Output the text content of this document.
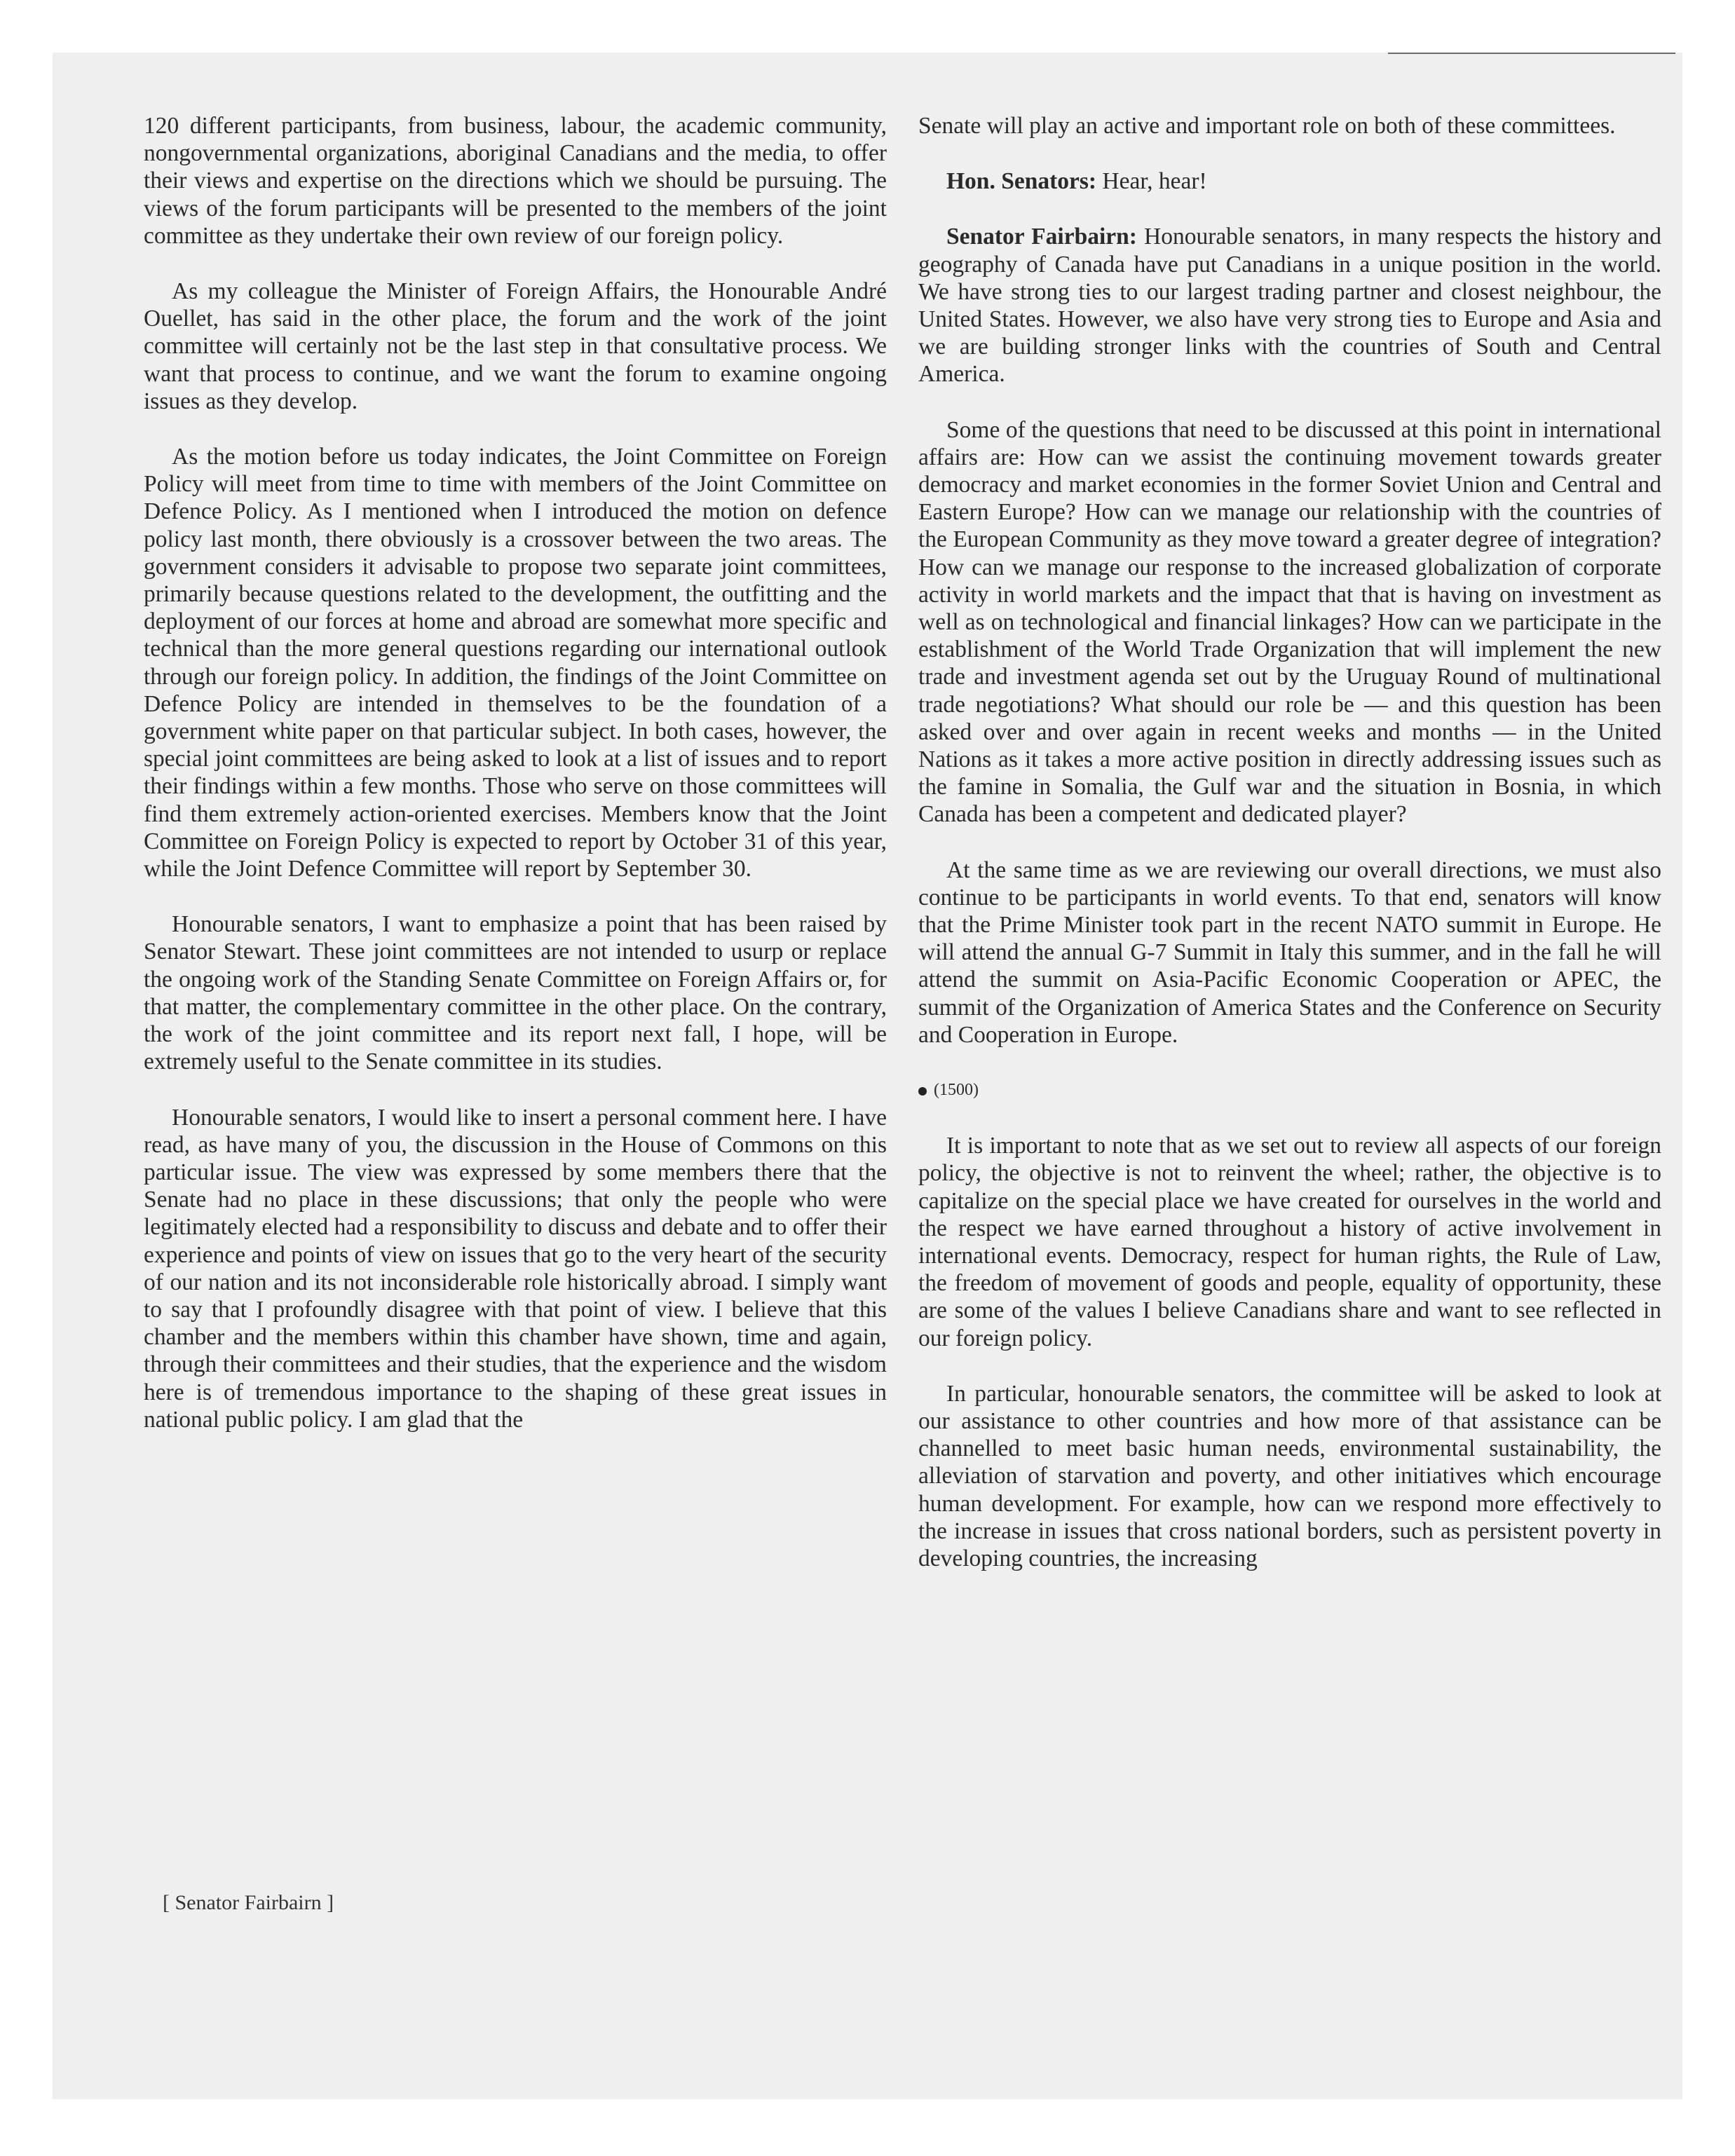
120 different participants, from business, labour, the academic community, nongovernmental organizations, aboriginal Canadians and the media, to offer their views and expertise on the directions which we should be pursuing. The views of the forum participants will be presented to the members of the joint committee as they undertake their own review of our foreign policy.

As my colleague the Minister of Foreign Affairs, the Honourable André Ouellet, has said in the other place, the forum and the work of the joint committee will certainly not be the last step in that consultative process. We want that process to continue, and we want the forum to examine ongoing issues as they develop.

As the motion before us today indicates, the Joint Committee on Foreign Policy will meet from time to time with members of the Joint Committee on Defence Policy. As I mentioned when I introduced the motion on defence policy last month, there obviously is a crossover between the two areas. The government considers it advisable to propose two separate joint committees, primarily because questions related to the development, the outfitting and the deployment of our forces at home and abroad are somewhat more specific and technical than the more general questions regarding our international outlook through our foreign policy. In addition, the findings of the Joint Committee on Defence Policy are intended in themselves to be the foundation of a government white paper on that particular subject. In both cases, however, the special joint committees are being asked to look at a list of issues and to report their findings within a few months. Those who serve on those committees will find them extremely action-oriented exercises. Members know that the Joint Committee on Foreign Policy is expected to report by October 31 of this year, while the Joint Defence Committee will report by September 30.

Honourable senators, I want to emphasize a point that has been raised by Senator Stewart. These joint committees are not intended to usurp or replace the ongoing work of the Standing Senate Committee on Foreign Affairs or, for that matter, the complementary committee in the other place. On the contrary, the work of the joint committee and its report next fall, I hope, will be extremely useful to the Senate committee in its studies.

Honourable senators, I would like to insert a personal comment here. I have read, as have many of you, the discussion in the House of Commons on this particular issue. The view was expressed by some members there that the Senate had no place in these discussions; that only the people who were legitimately elected had a responsibility to discuss and debate and to offer their experience and points of view on issues that go to the very heart of the security of our nation and its not inconsiderable role historically abroad. I simply want to say that I profoundly disagree with that point of view. I believe that this chamber and the members within this chamber have shown, time and again, through their committees and their studies, that the experience and the wisdom here is of tremendous importance to the shaping of these great issues in national public policy. I am glad that the

Senate will play an active and important role on both of these committees.

Hon. Senators: Hear, hear!

Senator Fairbairn: Honourable senators, in many respects the history and geography of Canada have put Canadians in a unique position in the world. We have strong ties to our largest trading partner and closest neighbour, the United States. However, we also have very strong ties to Europe and Asia and we are building stronger links with the countries of South and Central America.

Some of the questions that need to be discussed at this point in international affairs are: How can we assist the continuing movement towards greater democracy and market economies in the former Soviet Union and Central and Eastern Europe? How can we manage our relationship with the countries of the European Community as they move toward a greater degree of integration? How can we manage our response to the increased globalization of corporate activity in world markets and the impact that that is having on investment as well as on technological and financial linkages? How can we participate in the establishment of the World Trade Organization that will implement the new trade and investment agenda set out by the Uruguay Round of multinational trade negotiations? What should our role be — and this question has been asked over and over again in recent weeks and months — in the United Nations as it takes a more active position in directly addressing issues such as the famine in Somalia, the Gulf war and the situation in Bosnia, in which Canada has been a competent and dedicated player?

At the same time as we are reviewing our overall directions, we must also continue to be participants in world events. To that end, senators will know that the Prime Minister took part in the recent NATO summit in Europe. He will attend the annual G-7 Summit in Italy this summer, and in the fall he will attend the summit on Asia-Pacific Economic Cooperation or APEC, the summit of the Organization of America States and the Conference on Security and Cooperation in Europe.

(1500)

It is important to note that as we set out to review all aspects of our foreign policy, the objective is not to reinvent the wheel; rather, the objective is to capitalize on the special place we have created for ourselves in the world and the respect we have earned throughout a history of active involvement in international events. Democracy, respect for human rights, the Rule of Law, the freedom of movement of goods and people, equality of opportunity, these are some of the values I believe Canadians share and want to see reflected in our foreign policy.

In particular, honourable senators, the committee will be asked to look at our assistance to other countries and how more of that assistance can be channelled to meet basic human needs, environmental sustainability, the alleviation of starvation and poverty, and other initiatives which encourage human development. For example, how can we respond more effectively to the increase in issues that cross national borders, such as persistent poverty in developing countries, the increasing

[ Senator Fairbairn ]
